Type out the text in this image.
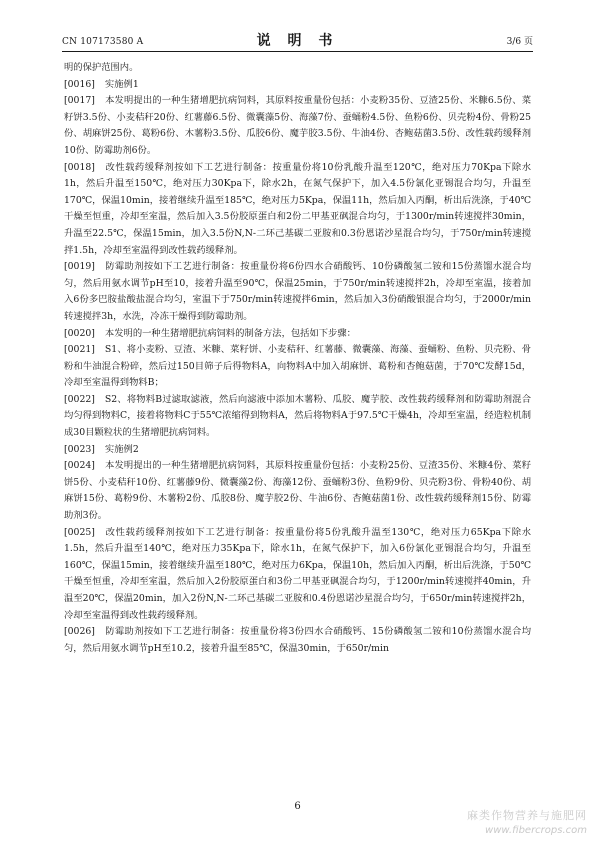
CN 107173580 A	说 明 书	3/6 页

明的保护范围内。

[0016] 实施例1

[0017] 本发明提出的一种生猪增肥抗病饲料，其原料按重量份包括：小麦粉35份、豆渣25份、米糠6.5份、菜籽饼3.5份、小麦秸秆20份、红薯藤6.5份、微囊藻5份、海藻7份、蚕蛹粉4.5份、鱼粉6份、贝壳粉4份、骨粉25份、胡麻饼25份、葛粉6份、木薯粉3.5份、瓜胶6份、魔芋胶3.5份、牛油4份、杏鲍菇菌3.5份、改性载药缓释剂10份、防霉助剂6份。

[0018] 改性载药缓释剂按如下工艺进行制备：按重量份将10份乳酸升温至120℃，绝对压力70Kpa下除水1h，然后升温至150℃，绝对压力30Kpa下，除水2h，在氮气保护下，加入4.5份氯化亚锡混合均匀，升温至170℃，保温10min，接着继续升温至185℃，绝对压力5Kpa，保温11h，然后加入丙酮，析出后洗涤，于40℃干燥至恒重，冷却至室温，然后加入3.5份胶原蛋白和2份二甲基亚砜混合均匀，于1300r/min转速搅拌30min，升温至22.5℃，保温15min，加入3.5份N,N-二环己基碳二亚胺和0.3份恩诺沙星混合均匀，于750r/min转速搅拌1.5h，冷却至室温得到改性载药缓释剂。

[0019] 防霉助剂按如下工艺进行制备：按重量份将6份四水合硝酸钙、10份磷酸氢二铵和15份蒸馏水混合均匀，然后用氨水调节pH至10，接着升温至90℃，保温25min，于750r/min转速搅拌2h，冷却至室温，接着加入6份多巴胺盐酸盐混合均匀，室温下于750r/min转速搅拌6min，然后加入3份硝酸银混合均匀，于2000r/min转速搅拌3h，水洗，冷冻干燥得到防霉助剂。

[0020] 本发明的一种生猪增肥抗病饲料的制备方法，包括如下步骤：

[0021] S1、将小麦粉、豆渣、米糠、菜籽饼、小麦秸秆、红薯藤、微囊藻、海藻、蚕蛹粉、鱼粉、贝壳粉、骨粉和牛油混合粉碎，然后过150目筛子后得物料A，向物料A中加入胡麻饼、葛粉和杏鲍菇菌，于70℃发酵15d，冷却至室温得到物料B；

[0022] S2、将物料B过滤取滤液，然后向滤液中添加木薯粉、瓜胶、魔芋胶、改性载药缓释剂和防霉助剂混合均匀得到物料C，接着将物料C于55℃浓缩得到物料A，然后将物料A于97.5℃干燥4h，冷却至室温，经造粒机制成30目颗粒状的生猪增肥抗病饲料。

[0023] 实施例2

[0024] 本发明提出的一种生猪增肥抗病饲料，其原料按重量份包括：小麦粉25份、豆渣35份、米糠4份、菜籽饼5份、小麦秸秆10份、红薯藤9份、微囊藻2份、海藻12份、蚕蛹粉3份、鱼粉9份、贝壳粉3份、骨粉40份、胡麻饼15份、葛粉9份、木薯粉2份、瓜胶8份、魔芋胶2份、牛油6份、杏鲍菇菌1份、改性载药缓释剂15份、防霉助剂3份。

[0025] 改性载药缓释剂按如下工艺进行制备：按重量份将5份乳酸升温至130℃，绝对压力65Kpa下除水1.5h，然后升温至140℃，绝对压力35Kpa下，除水1h，在氮气保护下，加入6份氯化亚锡混合均匀，升温至160℃，保温15min，接着继续升温至180℃，绝对压力6Kpa，保温10h，然后加入丙酮，析出后洗涤，于50℃干燥至恒重，冷却至室温，然后加入2份胶原蛋白和3份二甲基亚砜混合均匀，于1200r/min转速搅拌40min，升温至20℃，保温20min，加入2份N,N-二环己基碳二亚胺和0.4份恩诺沙星混合均匀，于650r/min转速搅拌2h，冷却至室温得到改性载药缓释剂。

[0026] 防霉助剂按如下工艺进行制备：按重量份将3份四水合硝酸钙、15份磷酸氢二铵和10份蒸馏水混合均匀，然后用氨水调节pH至10.2，接着升温至85℃，保温30min，于650r/min

6
麻类作物营养与施肥网
www.fibercrops.com
